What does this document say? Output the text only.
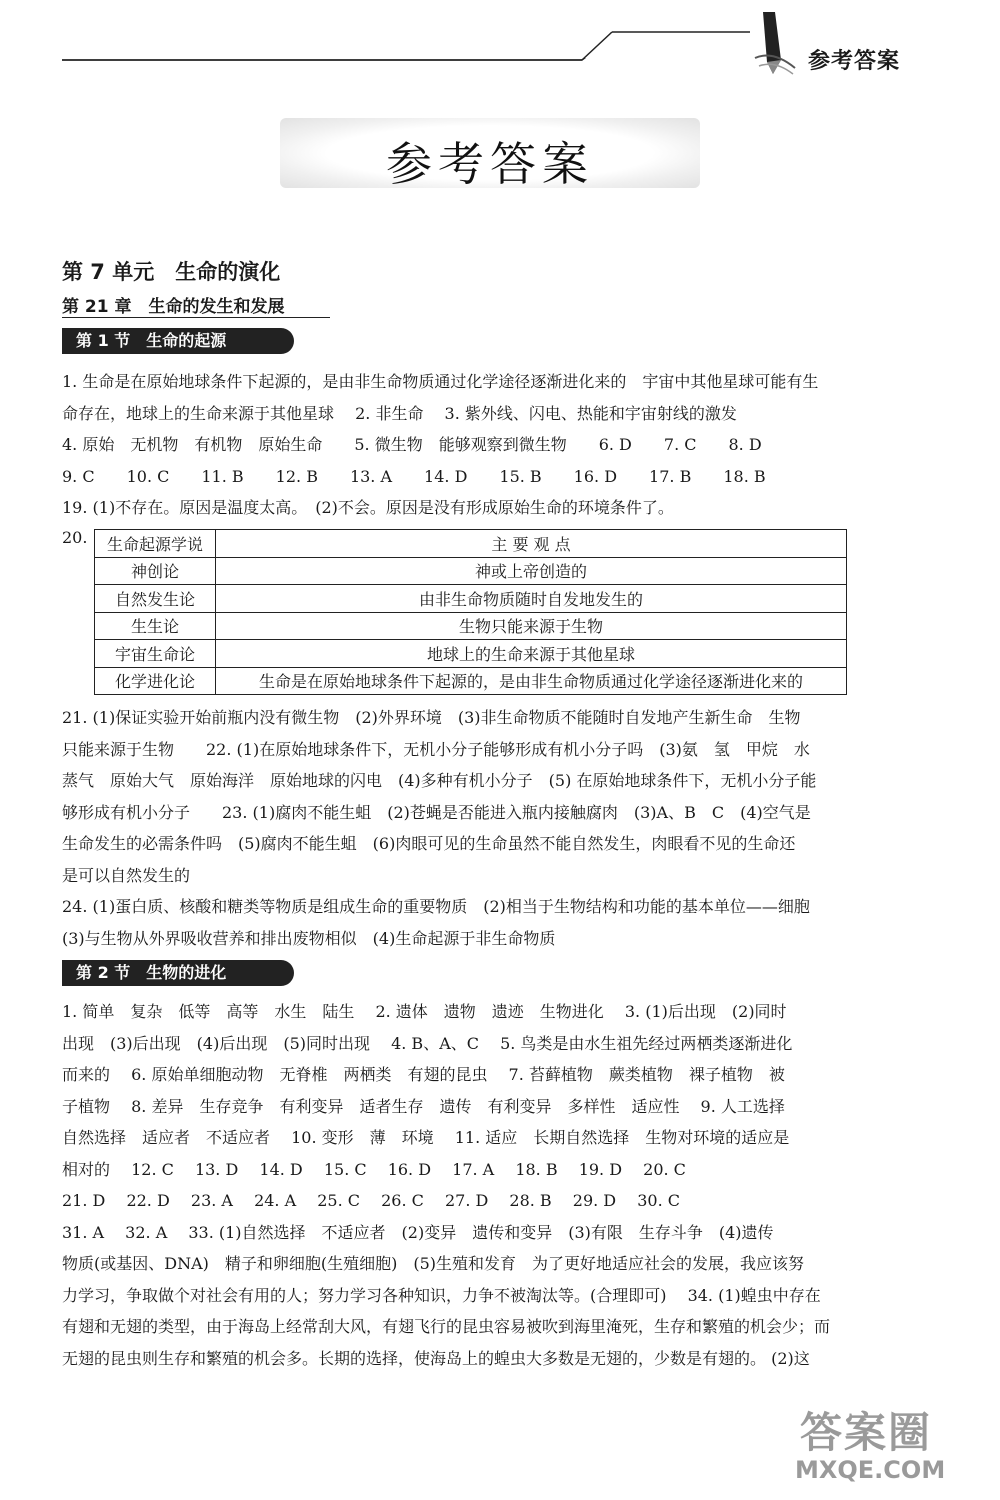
参考答案
参考答案
第 7 单元　生命的演化
第 21 章　生命的发生和发展
第 1 节　生命的起源

1. 生命是在原始地球条件下起源的，是由非生命物质通过化学途径逐渐进化来的　宇宙中其他星球可能有生

命存在，地球上的生命来源于其他星球　 2. 非生命　 3. 紫外线、闪电、热能和宇宙射线的激发

4. 原始　无机物　有机物　原始生命　　5. 微生物　能够观察到微生物　　6. D　　7. C　　8. D

9. C　　10. C　　11. B　　12. B　　13. A　　14. D　　15. B　　16. D　　17. B　　18. B

19. (1)不存在。原因是温度太高。　(2)不会。原因是没有形成原始生命的环境条件了。

20. 生命起源学说	主 要 观 点
神创论	神或上帝创造的
自然发生论	由非生命物质随时自发地发生的
生生论	生物只能来源于生物
宇宙生命论	地球上的生命来源于其他星球
化学进化论	生命是在原始地球条件下起源的，是由非生命物质通过化学途径逐渐进化来的

21. (1)保证实验开始前瓶内没有微生物　(2)外界环境　(3)非生命物质不能随时自发地产生新生命　生物

只能来源于生物　　22. (1)在原始地球条件下，无机小分子能够形成有机小分子吗　(3)氨　氢　甲烷　水

蒸气　原始大气　原始海洋　原始地球的闪电　(4)多种有机小分子　(5) 在原始地球条件下，无机小分子能

够形成有机小分子　　23. (1)腐肉不能生蛆　(2)苍蝇是否能进入瓶内接触腐肉　(3)A、B　C　(4)空气是

生命发生的必需条件吗　(5)腐肉不能生蛆　(6)肉眼可见的生命虽然不能自然发生，肉眼看不见的生命还

是可以自然发生的

24. (1)蛋白质、核酸和糖类等物质是组成生命的重要物质　(2)相当于生物结构和功能的基本单位——细胞

(3)与生物从外界吸收营养和排出废物相似　(4)生命起源于非生命物质

第 2 节　生物的进化

1. 简单　复杂　低等　高等　水生　陆生　 2. 遗体　遗物　遗迹　生物进化　 3. (1)后出现　(2)同时

出现　(3)后出现　(4)后出现　(5)同时出现　 4. B、A、C　 5. 鸟类是由水生祖先经过两栖类逐渐进化

而来的　 6. 原始单细胞动物　无脊椎　两栖类　有翅的昆虫　 7. 苔藓植物　蕨类植物　裸子植物　被

子植物　 8. 差异　生存竞争　有利变异　适者生存　遗传　有利变异　多样性　适应性　 9. 人工选择

自然选择　适应者　不适应者　 10. 变形　薄　环境　 11. 适应　长期自然选择　生物对环境的适应是

相对的　 12. C　 13. D　 14. D　 15. C　 16. D　 17. A　 18. B　 19. D　 20. C

21. D　 22. D　 23. A　 24. A　 25. C　 26. C　 27. D　 28. B　 29. D　 30. C

31. A　 32. A　 33. (1)自然选择　不适应者　(2)变异　遗传和变异　(3)有限　生存斗争　(4)遗传

物质(或基因、DNA)　精子和卵细胞(生殖细胞)　(5)生殖和发育　为了更好地适应社会的发展，我应该努

力学习，争取做个对社会有用的人；努力学习各种知识，力争不被淘汰等。(合理即可)　 34. (1)蝗虫中存在

有翅和无翅的类型，由于海岛上经常刮大风，有翅飞行的昆虫容易被吹到海里淹死，生存和繁殖的机会少；而

无翅的昆虫则生存和繁殖的机会多。长期的选择，使海岛上的蝗虫大多数是无翅的，少数是有翅的。 (2)这

答案圈
MXQE.COM
